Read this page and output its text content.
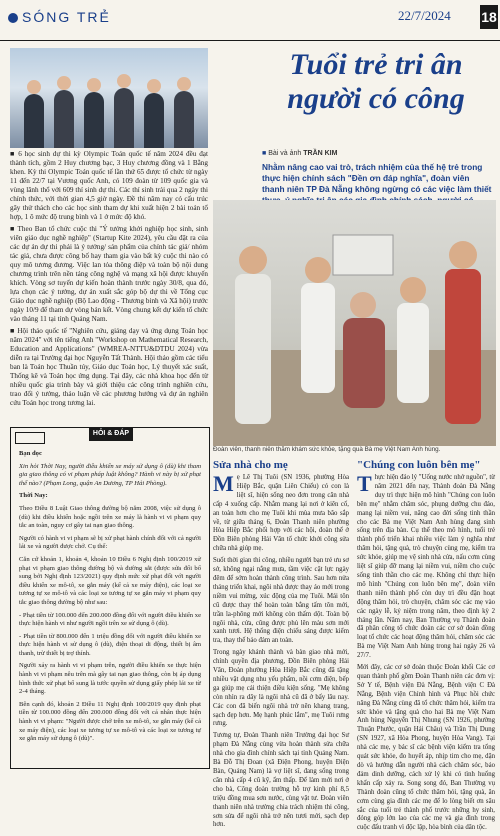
SÓNG TRẺ	22/7/2024 18

■ 6 học sinh dự thi kỳ Olympic Toán quốc tế năm 2024 đều đạt thành tích, gồm 2 Huy chương bạc, 3 Huy chương đồng và 1 Bằng khen. Kỳ thi Olympic Toán quốc tế lần thứ 65 được tổ chức từ ngày 11 đến 22/7 tại Vương quốc Anh, có 109 đoàn từ 109 quốc gia và vùng lãnh thổ với 609 thí sinh dự thi. Các thí sinh trải qua 2 ngày thi chính thức, với thời gian 4,5 giờ ngày. Đề thi năm nay có cấu trúc gây thử thách cho các học sinh tham dự khi xuất hiện 2 bài toán tổ hợp, 1 ô mức độ trung bình và 1 ở mức độ khó.

■ Theo Ban tổ chức cuộc thi "Ý tưởng khởi nghiệp học sinh, sinh viên giáo dục nghề nghiệp" (Startup Kite 2024), yêu cầu đặt ra của các dự án dự thi phải là ý tưởng/ sản phẩm của chính tác giả/ nhóm tác giả, chưa được công bố hay tham gia vào bất kỳ cuộc thi nào có quy mô tương đương. Việc lan tỏa thông điệp và toàn bộ nội dung chương trình trên nền tảng công nghệ và mạng xã hội được khuyến khích. Vòng sơ tuyển dự kiến hoàn thành trước ngày 30/8, qua đó, lựa chọn các ý tưởng, dự án xuất sắc góp bộ dự thi về Tổng cục Giáo dục nghề nghiệp (Bộ Lao động - Thương binh và Xã hội) trước ngày 10/9 để tham dự vòng bán kết. Vòng chung kết dự kiến tổ chức vào tháng 11 tại tỉnh Quảng Nam.

■ Hội thảo quốc tế "Nghiên cứu, giảng dạy và ứng dụng Toán học năm 2024" với tên tiếng Anh "Workshop on Mathematical Research, Education and Applications" (WMREA-NTTU&DTDU 2024) vừa diễn ra tại Trường đại học Nguyễn Tất Thành. Hội thảo gồm các tiểu ban là Toán học Thuần túy, Giáo dục Toán học, Lý thuyết xác suất, Thống kê và Toán học ứng dụng. Tại đây, các nhà khoa học đến từ nhiều quốc gia trình bày và giới thiệu các công trình nghiên cứu, trao đổi ý tưởng, thảo luận về các phương hướng và dự án nghiên cứu Toán học trong tương lai.

HỎI & ĐÁP

Bạn đọc

Xin hỏi Thời Nay, người điều khiển xe máy sử dụng ô (dù) khi tham gia giao thông có vi phạm pháp luật không? Hành vi này bị xử phạt thế nào? (Phạm Long, quận An Dương, TP Hải Phòng).

Thời Nay:

Theo Điều 8 Luật Giao thông đường bộ năm 2008, việc sử dụng ô (dù) khi điều khiển hoặc ngồi trên xe máy là hành vi vi phạm quy tắc an toàn, nguy cơ gây tai nạn giao thông.

Người có hành vi vi phạm sẽ bị xử phạt hành chính đối với cả người lái xe và người được chở. Cụ thể:

Căn cứ khoản 1, khoản 4, khoản 10 Điều 6 Nghị định 100/2019 xử phạt vi phạm giao thông đường bộ và đường sắt (được sửa đổi bổ sung bởi Nghị định 123/2021) quy định mức xử phạt đối với người điều khiển xe mô-tô, xe gắn máy (kể cả xe máy điện), các loại xe tương tự xe mô-tô và các loại xe tương tự xe gắn máy vi phạm quy tắc giao thông đường bộ như sau:

- Phạt tiền từ 100.000 đến 200.000 đồng đối với người điều khiển xe thực hiện hành vi như người ngồi trên xe sử dụng ô (dù).

- Phạt tiền từ 800.000 đến 1 triệu đồng đối với người điều khiển xe thực hiện hành vi sử dụng ô (dù), điện thoại di động, thiết bị âm thanh, trừ thiết bị trợ thính.

Người xảy ra hành vi vi phạm trên, người điều khiển xe thực hiện hành vi vi phạm nêu trên mà gây tai nạn giao thông, còn bị áp dụng hình thức xử phạt bổ sung là tước quyền sử dụng giấy phép lái xe từ 2-4 tháng.

Bên cạnh đó, khoản 2 Điều 11 Nghị định 100/2019 quy định phạt tiền từ 100.000 đồng đến 200.000 đồng đối với cá nhân thực hiện hành vi vi phạm: "Người được chở trên xe mô-tô, xe gắn máy (kể cả xe máy điện), các loại xe tương tự xe mô-tô và các loại xe tương tự xe gắn máy sử dụng ô (dù)".

Tuổi trẻ tri ân
người có công
■ Bài và ảnh TRẦN KIM
Nhằm nâng cao vai trò, trách nhiệm của thế hệ trẻ trong thực hiện chính sách "Đền ơn đáp nghĩa", đoàn viên thanh niên TP Đà Nẵng không ngừng có các việc làm thiết
Đoàn viên, thanh niên thăm khám sức khỏe, tặng quà Bà mẹ Việt Nam Anh hùng.
Sửa nhà cho mẹ

Mẹ Lê Thị Tuôi (SN 1936, phường Hòa Hiệp Bắc, quận Liên Chiểu) có con là liệt sĩ, hiện sống neo đơn trong căn nhà cấp 4 xuống cấp. Nhằm mang lại nơi ở kiên cố, an toàn hơn cho mẹ Tuôi khi mùa mưa bão sắp về, từ giữa tháng 6, Đoàn Thanh niên phường Hòa Hiệp Bắc phối hợp với các hội, đoàn thể ở Đồn Biên phòng Hải Vân tổ chức khởi công sửa chữa nhà giúp mẹ.

Suốt thời gian thi công, nhiều người bạn trẻ ưu sơ sở, không ngại nắng mưa, tầm việc cật lực ngày đêm để sớm hoàn thành công trình. Sau hơn nửa tháng triển khai, ngôi nhà được thay áo mới trong niềm vui mừng, xúc động của mẹ Tuôi. Mái tôn cũ được thay thế hoàn toàn bằng tấm tôn mới, trần la-phông mới không còn thấm dột. Toàn bộ ngôi nhà, cửa, cũng được phủ lên màu sơn mới xanh tươi. Hệ thống điện chiếu sáng được kiểm tra, thay thế bảo đảm an toàn.

Trong ngày khánh thành và bàn giao nhà mới, chính quyền địa phương, Đồn Biên phòng Hải Vân, Đoàn phường Hòa Hiệp Bắc cũng đã tặng nhiều vật dụng nhu yếu phẩm, nồi cơm điện, bếp ga giúp mẹ cải thiện điều kiện sống. "Mẹ không còn nhìn ra dây là ngôi nhà cũ đã ở bấy lâu nay. Các con đã biến ngôi nhà trở nên khang trang, sạch đẹp hơn. Mẹ hạnh phúc lắm", mẹ Tuôi rưng rưng.

Tương tự, Đoàn Thanh niên Trường đại học Sư phạm Đà Nẵng cùng vừa hoàn thành sửa chữa nhà cho gia đình chính sách tại tỉnh Quảng Nam. Bà Đỗ Thị Đoan (xã Điện Phong, huyện Điện Bàn, Quảng Nam) là vợ liệt sĩ, đang sống trong căn nhà cấp 4 cũ kỹ, ẩm thấp. Để làm mới nơi ở cho bà, Công đoàn trường hỗ trợ kinh phí 8,5 triệu đồng mua sơn nước, cùng vật tư. Đoàn viên thanh niên nhà trường chia trách nhiệm thi công, sơn sửa để ngôi nhà trở nên tươi mới, sạch đẹp hơn.

"Chúng con luôn bên mẹ"

Thực hiện đáo lý "Uống nước nhớ nguồn", từ năm 2021 đến nay, Thành đoàn Đà Nẵng duy trì thực hiện mô hình "Chúng con luôn bên mẹ" nhằm chăm sóc, phụng dưỡng chu đáo, mang lại niềm vui, nâng cao đời sống tinh thần cho các Bà mẹ Việt Nam Anh hùng đang sinh sống trên địa bàn. Cụ thể theo mô hình, tuổi trẻ thành phố triển khai nhiều việc làm ý nghĩa như thăm hỏi, tặng quà, trò chuyện cùng mẹ, kiểm tra sức khỏe, giúp mẹ vệ sinh nhà cửa, nấu cơm cùng liệt sĩ giúp đỡ mang lại niềm vui, niềm cho cuộc sống tinh thần cho các mẹ. Không chỉ thực hiện mô hình "Chúng con luôn bên mẹ", đoàn viên thanh niên thành phố còn duy trì đều đặn hoạt động thăm hỏi, trò chuyện, chăm sóc các mẹ vào các ngày lễ, kỷ niệm trong năm, theo định kỳ 2 tháng lần. Năm nay, Ban Thường vụ Thành đoàn đã phân công tổ chức đoàn các cơ sở đoàn đồng loạt tổ chức các hoạt động thăm hỏi, chăm sóc các Bà mẹ Việt Nam Anh hùng trong hai ngày 26 và 27/7.

Mới đây, các cơ sở đoàn thuộc Đoàn khối Các cơ quan thành phố gồm Đoàn Thanh niên các đơn vị: Sở Y tế, Bệnh viện Đà Nẵng, Bệnh viện C Đà Nẵng, Bệnh viện Chỉnh hình và Phục hồi chức năng Đà Nẵng cùng đã tổ chức thăm hỏi, kiểm tra sức khỏe và tặng quà cho hai Bà mẹ Việt Nam Anh hùng Nguyễn Thị Nhung (SN 1926, phường Thuận Phước, quận Hải Châu) và Trần Thị Dung (SN 1927, xã Hòa Phong, huyện Hòa Vang). Tại nhà các mẹ, y bác sĩ các bệnh viện kiểm tra tổng quát sức khỏe, đo huyết áp, nhịp tim cho mẹ, dặn dò và hướng dẫn người nhà cách chăm sóc, bảo đảm dinh dưỡng, cách xử lý khi có tình huống khẩn cấp xảy ra. Song song đó, Ban Thường vụ Thành đoàn cũng tổ chức thăm hỏi, tặng quà, ăn cơm cùng gia đình các mẹ để lo lòng biết ơn sâu sắc của tuổi trẻ thành phố trước những hy sinh, đóng góp lớn lao của các mẹ và gia đình trong cuộc đấu tranh vì độc lập, hòa bình của dân tộc.
